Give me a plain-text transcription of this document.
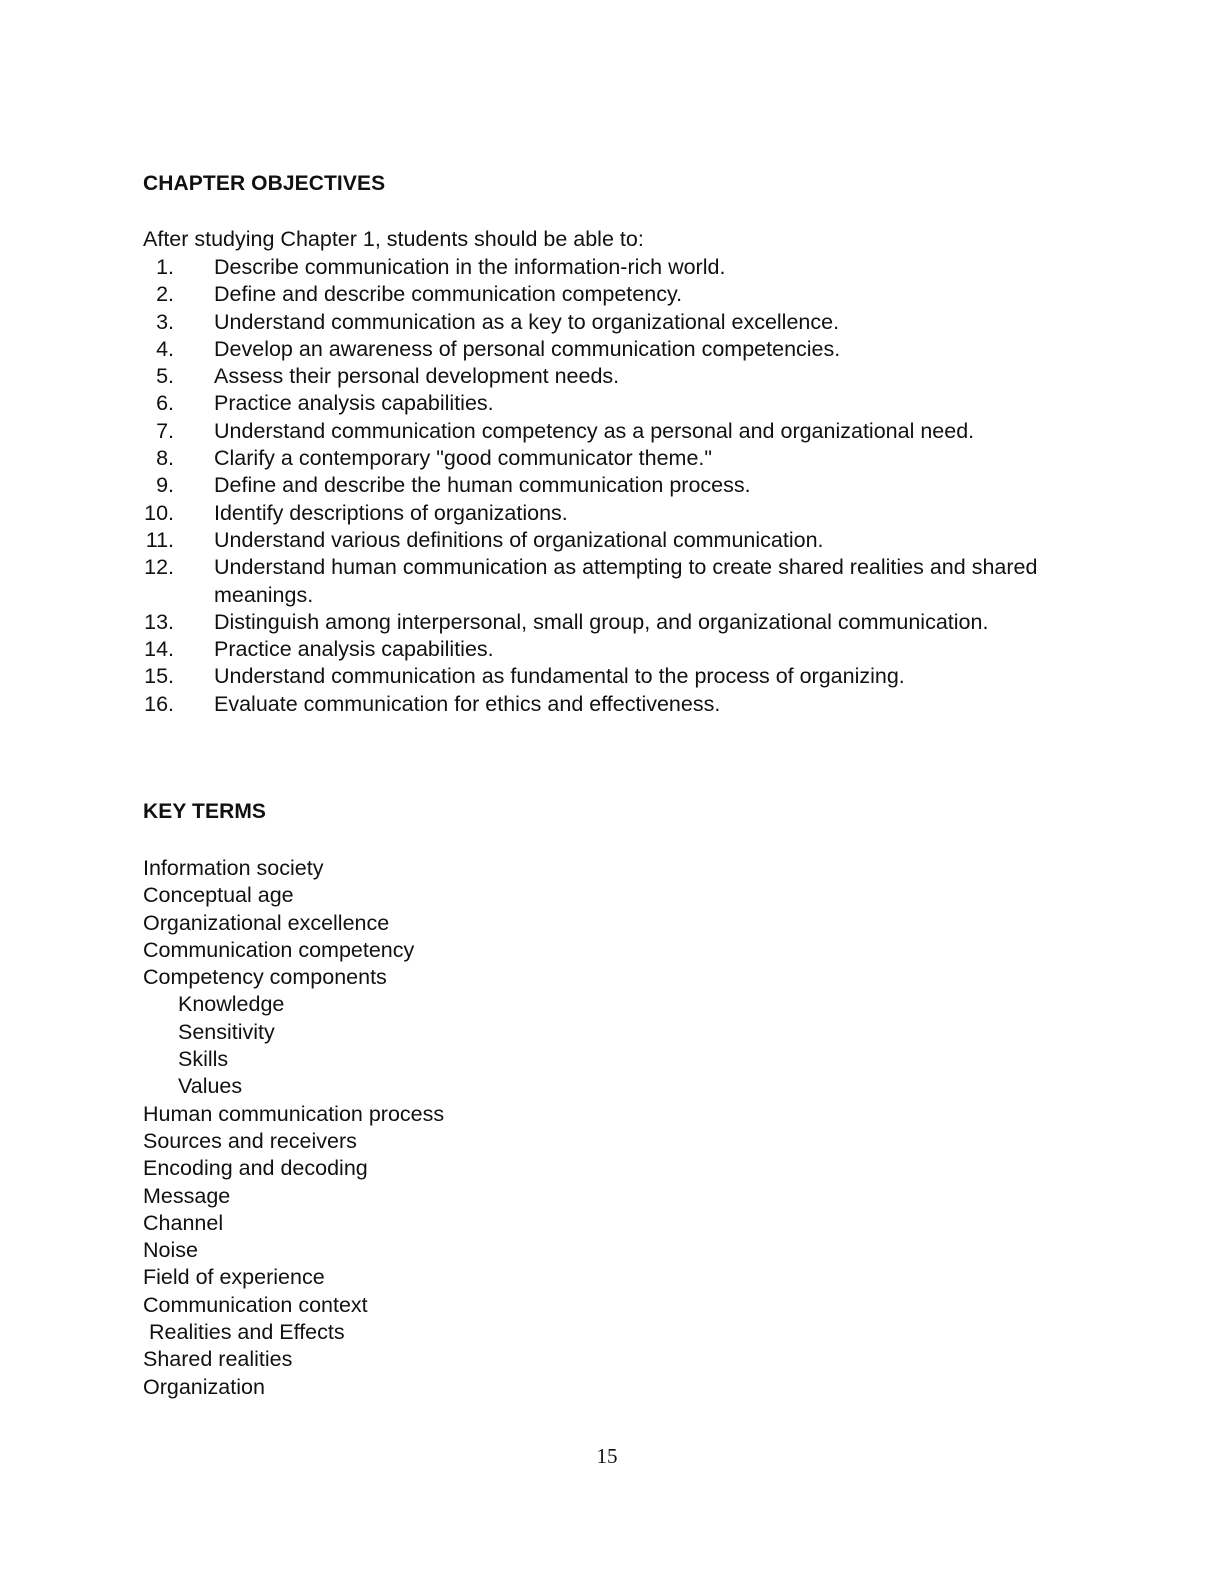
CHAPTER OBJECTIVES
After studying Chapter 1, students should be able to:
1. Describe communication in the information-rich world.
2. Define and describe communication competency.
3. Understand communication as a key to organizational excellence.
4. Develop an awareness of personal communication competencies.
5. Assess their personal development needs.
6. Practice analysis capabilities.
7. Understand communication competency as a personal and organizational need.
8. Clarify a contemporary "good communicator theme."
9. Define and describe the human communication process.
10. Identify descriptions of organizations.
11. Understand various definitions of organizational communication.
12. Understand human communication as attempting to create shared realities and shared meanings.
13. Distinguish among interpersonal, small group, and organizational communication.
14. Practice analysis capabilities.
15. Understand communication as fundamental to the process of organizing.
16. Evaluate communication for ethics and effectiveness.
KEY TERMS
Information society
Conceptual age
Organizational excellence
Communication competency
Competency components
Knowledge
Sensitivity
Skills
Values
Human communication process
Sources and receivers
Encoding and decoding
Message
Channel
Noise
Field of experience
Communication context
Realities and Effects
Shared realities
Organization
15
